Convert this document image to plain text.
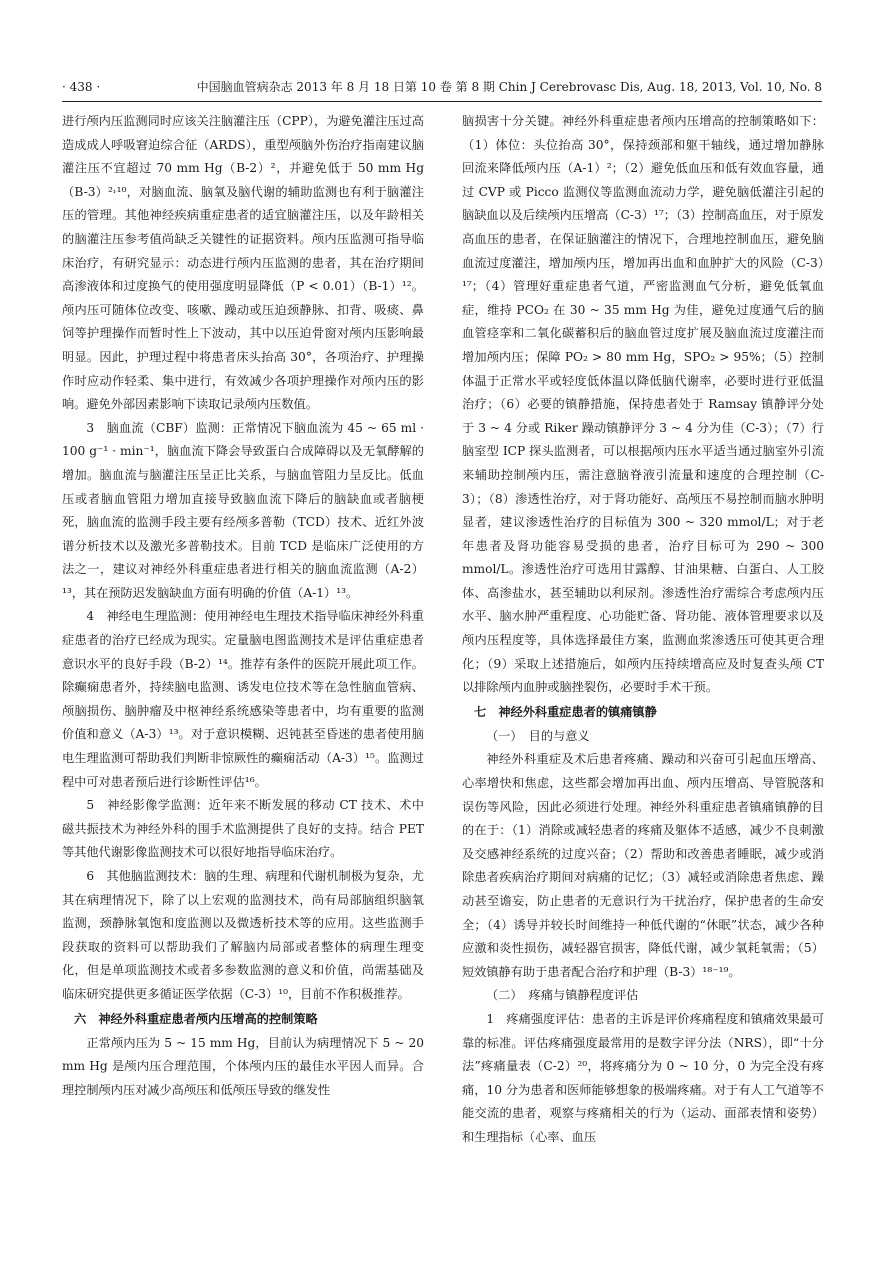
· 438 ·	中国脑血管病杂志 2013 年 8 月 18 日第 10 卷 第 8 期 Chin J Cerebrovasc Dis, Aug. 18, 2013, Vol. 10, No. 8

进行颅内压监测同时应该关注脑灌注压（CPP），为避免灌注压过高造成成人呼吸窘迫综合征（ARDS），重型颅脑外伤治疗指南建议脑灌注压不宜超过 70 mm Hg（B-2）²，并避免低于 50 mm Hg（B-3）²˒¹⁰，对脑血流、脑氧及脑代谢的辅助监测也有利于脑灌注压的管理。其他神经疾病重症患者的适宜脑灌注压，以及年龄相关的脑灌注压参考值尚缺乏关键性的证据资料。颅内压监测可指导临床治疗，有研究显示：动态进行颅内压监测的患者，其在治疗期间高渗液体和过度换气的使用强度明显降低（P < 0.01）（B-1）¹²。颅内压可随体位改变、咳嗽、躁动或压迫颈静脉、扣背、吸痰、鼻饲等护理操作而暂时性上下波动，其中以压迫骨窗对颅内压影响最明显。因此，护理过程中将患者床头抬高 30°，各项治疗、护理操作时应动作轻柔、集中进行，有效减少各项护理操作对颅内压的影响。避免外部因素影响下读取记录颅内压数值。

3　脑血流（CBF）监测：正常情况下脑血流为 45 ~ 65 ml · 100 g⁻¹ · min⁻¹，脑血流下降会导致蛋白合成障碍以及无氧酵解的增加。脑血流与脑灌注压呈正比关系，与脑血管阻力呈反比。低血压或者脑血管阻力增加直接导致脑血流下降后的脑缺血或者脑梗死，脑血流的监测手段主要有经颅多普勒（TCD）技术、近红外波谱分析技术以及激光多普勒技术。目前 TCD 是临床广泛使用的方法之一，建议对神经外科重症患者进行相关的脑血流监测（A-2）¹³，其在预防迟发脑缺血方面有明确的价值（A-1）¹³。

4　神经电生理监测：使用神经电生理技术指导临床神经外科重症患者的治疗已经成为现实。定量脑电图监测技术是评估重症患者意识水平的良好手段（B-2）¹⁴。推荐有条件的医院开展此项工作。除癫痫患者外，持续脑电监测、诱发电位技术等在急性脑血管病、颅脑损伤、脑肿瘤及中枢神经系统感染等患者中，均有重要的监测价值和意义（A-3）¹³。对于意识模糊、迟钝甚至昏迷的患者使用脑电生理监测可帮助我们判断非惊厥性的癫痫活动（A-3）¹⁵。监测过程中可对患者预后进行诊断性评估¹⁶。

5　神经影像学监测：近年来不断发展的移动 CT 技术、术中磁共振技术为神经外科的围手术监测提供了良好的支持。结合 PET 等其他代谢影像监测技术可以很好地指导临床治疗。

6　其他脑监测技术：脑的生理、病理和代谢机制极为复杂，尤其在病理情况下，除了以上宏观的监测技术，尚有局部脑组织脑氧监测，颈静脉氧饱和度监测以及微透析技术等的应用。这些监测手段获取的资料可以帮助我们了解脑内局部或者整体的病理生理变化，但是单项监测技术或者多参数监测的意义和价值，尚需基础及临床研究提供更多循证医学依据（C-3）¹⁰，目前不作积极推荐。

六　神经外科重症患者颅内压增高的控制策略

正常颅内压为 5 ~ 15 mm Hg，目前认为病理情况下 5 ~ 20 mm Hg 是颅内压合理范围，个体颅内压的最佳水平因人而异。合理控制颅内压对减少高颅压和低颅压导致的继发性

脑损害十分关键。神经外科重症患者颅内压增高的控制策略如下：（1）体位：头位抬高 30°，保持颈部和躯干轴线，通过增加静脉回流来降低颅内压（A-1）²；（2）避免低血压和低有效血容量，通过 CVP 或 Picco 监测仪等监测血流动力学，避免脑低灌注引起的脑缺血以及后续颅内压增高（C-3）¹⁷；（3）控制高血压，对于原发高血压的患者，在保证脑灌注的情况下，合理地控制血压，避免脑血流过度灌注，增加颅内压，增加再出血和血肿扩大的风险（C-3）¹⁷；（4）管理好重症患者气道，严密监测血气分析，避免低氧血症，维持 PCO₂ 在 30 ~ 35 mm Hg 为佳，避免过度通气后的脑血管痉挛和二氧化碳蓄积后的脑血管过度扩展及脑血流过度灌注而增加颅内压；保障 PO₂ > 80 mm Hg，SPO₂ > 95%；（5）控制体温于正常水平或轻度低体温以降低脑代谢率，必要时进行亚低温治疗；（6）必要的镇静措施，保持患者处于 Ramsay 镇静评分处于 3 ~ 4 分或 Riker 躁动镇静评分 3 ~ 4 分为佳（C-3）；（7）行脑室型 ICP 探头监测者，可以根据颅内压水平适当通过脑室外引流来辅助控制颅内压，需注意脑脊液引流量和速度的合理控制（C-3）；（8）渗透性治疗，对于肾功能好、高颅压不易控制而脑水肿明显者，建议渗透性治疗的目标值为 300 ~ 320 mmol/L；对于老年患者及肾功能容易受损的患者，治疗目标可为 290 ~ 300 mmol/L。渗透性治疗可选用甘露醇、甘油果糖、白蛋白、人工胶体、高渗盐水，甚至辅助以利尿剂。渗透性治疗需综合考虑颅内压水平、脑水肿严重程度、心功能贮备、肾功能、液体管理要求以及颅内压程度等，具体选择最佳方案，监测血浆渗透压可使其更合理化；（9）采取上述措施后，如颅内压持续增高应及时复查头颅 CT 以排除颅内血肿或脑挫裂伤，必要时手术干预。

七　神经外科重症患者的镇痛镇静
（一）　目的与意义

神经外科重症及术后患者疼痛、躁动和兴奋可引起血压增高、心率增快和焦虑，这些都会增加再出血、颅内压增高、导管脱落和误伤等风险，因此必须进行处理。神经外科重症患者镇痛镇静的目的在于：（1）消除或减轻患者的疼痛及躯体不适感，减少不良刺激及交感神经系统的过度兴奋；（2）帮助和改善患者睡眠，减少或消除患者疾病治疗期间对病痛的记忆；（3）减轻或消除患者焦虑、躁动甚至谵妄，防止患者的无意识行为干扰治疗，保护患者的生命安全；（4）诱导并较长时间维持一种低代谢的“休眠”状态，减少各种应激和炎性损伤，减轻器官损害，降低代谢，减少氧耗氧需；（5）短效镇静有助于患者配合治疗和护理（B-3）¹⁸⁻¹⁹。

（二）　疼痛与镇静程度评估

1　疼痛强度评估：患者的主诉是评价疼痛程度和镇痛效果最可靠的标准。评估疼痛强度最常用的是数字评分法（NRS），即“十分法”疼痛量表（C-2）²⁰，将疼痛分为 0 ~ 10 分，0 为完全没有疼痛，10 分为患者和医师能够想象的极端疼痛。对于有人工气道等不能交流的患者，观察与疼痛相关的行为（运动、面部表情和姿势）和生理指标（心率、血压
